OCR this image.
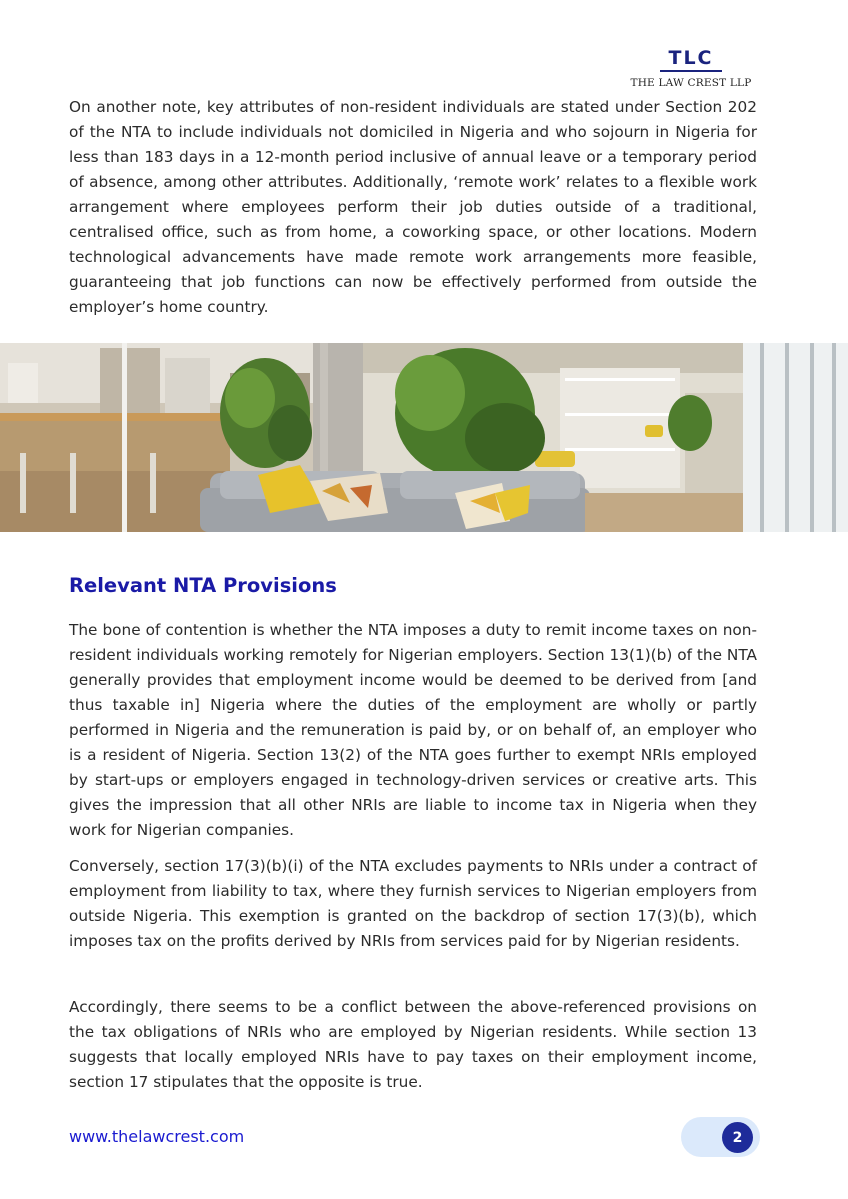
TLC
THE LAW CREST LLP

On another note, key attributes of non-resident individuals are stated under Section 202 of the NTA to include individuals not domiciled in Nigeria and who sojourn in Nigeria for less than 183 days in a 12-month period inclusive of annual leave or a temporary period of absence, among other attributes. Additionally, ‘remote work’ relates to a flexible work arrangement where employees perform their job duties outside of a traditional, centralised office, such as from home, a coworking space, or other locations. Modern technological advancements have made remote work arrangements more feasible, guaranteeing that job functions can now be effectively performed from outside the employer’s home country.

Relevant NTA Provisions

The bone of contention is whether the NTA imposes a duty to remit income taxes on non-resident individuals working remotely for Nigerian employers. Section 13(1)(b) of the NTA generally provides that employment income would be deemed to be derived from [and thus taxable in] Nigeria where the duties of the employment are wholly or partly performed in Nigeria and the remuneration is paid by, or on behalf of, an employer who is a resident of Nigeria. Section 13(2) of the NTA goes further to exempt NRIs employed by start-ups or employers engaged in technology-driven services or creative arts. This gives the impression that all other NRIs are liable to income tax in Nigeria when they work for Nigerian companies.

Conversely, section 17(3)(b)(i) of the NTA excludes payments to NRIs under a contract of employment from liability to tax, where they furnish services to Nigerian employers from outside Nigeria. This exemption is granted on the backdrop of section 17(3)(b), which imposes tax on the profits derived by NRIs from services paid for by Nigerian residents.

Accordingly, there seems to be a conflict between the above-referenced provisions on the tax obligations of NRIs who are employed by Nigerian residents. While section 13 suggests that locally employed NRIs have to pay taxes on their employment income, section 17 stipulates that the opposite is true.

www.thelawcrest.com	2
